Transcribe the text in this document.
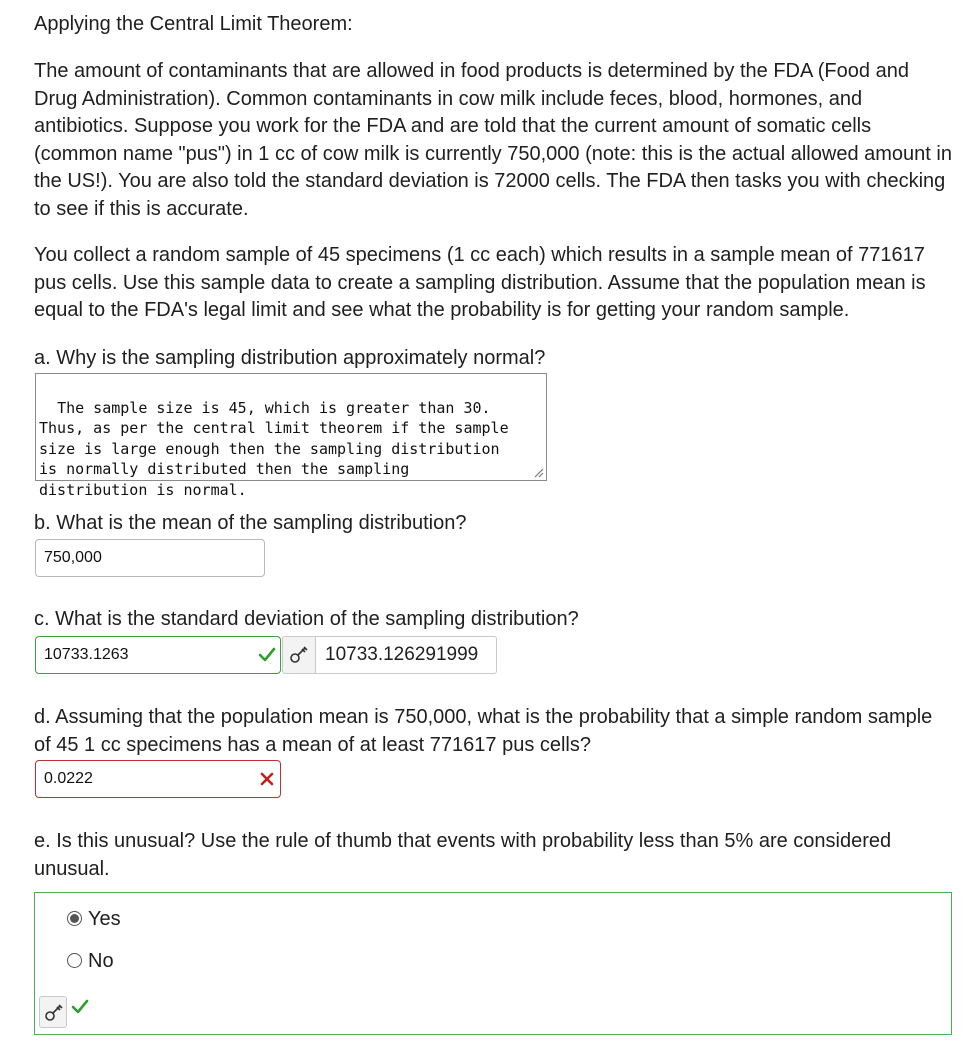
Applying the Central Limit Theorem:
The amount of contaminants that are allowed in food products is determined by the FDA (Food and Drug Administration). Common contaminants in cow milk include feces, blood, hormones, and antibiotics. Suppose you work for the FDA and are told that the current amount of somatic cells (common name "pus") in 1 cc of cow milk is currently 750,000 (note: this is the actual allowed amount in the US!). You are also told the standard deviation is 72000 cells. The FDA then tasks you with checking to see if this is accurate.
You collect a random sample of 45 specimens (1 cc each) which results in a sample mean of 771617 pus cells. Use this sample data to create a sampling distribution. Assume that the population mean is equal to the FDA's legal limit and see what the probability is for getting your random sample.
a. Why is the sampling distribution approximately normal?

The sample size is 45, which is greater than 30.
Thus, as per the central limit theorem if the sample
size is large enough then the sampling distribution
is normally distributed then the sampling
distribution is normal.

b. What is the mean of the sampling distribution?
750,000
c. What is the standard deviation of the sampling distribution?
10733.1263	10733.126291999
d. Assuming that the population mean is 750,000, what is the probability that a simple random sample of 45 1 cc specimens has a mean of at least 771617 pus cells?
0.0222
e. Is this unusual? Use the rule of thumb that events with probability less than 5% are considered unusual.
Yes
No
